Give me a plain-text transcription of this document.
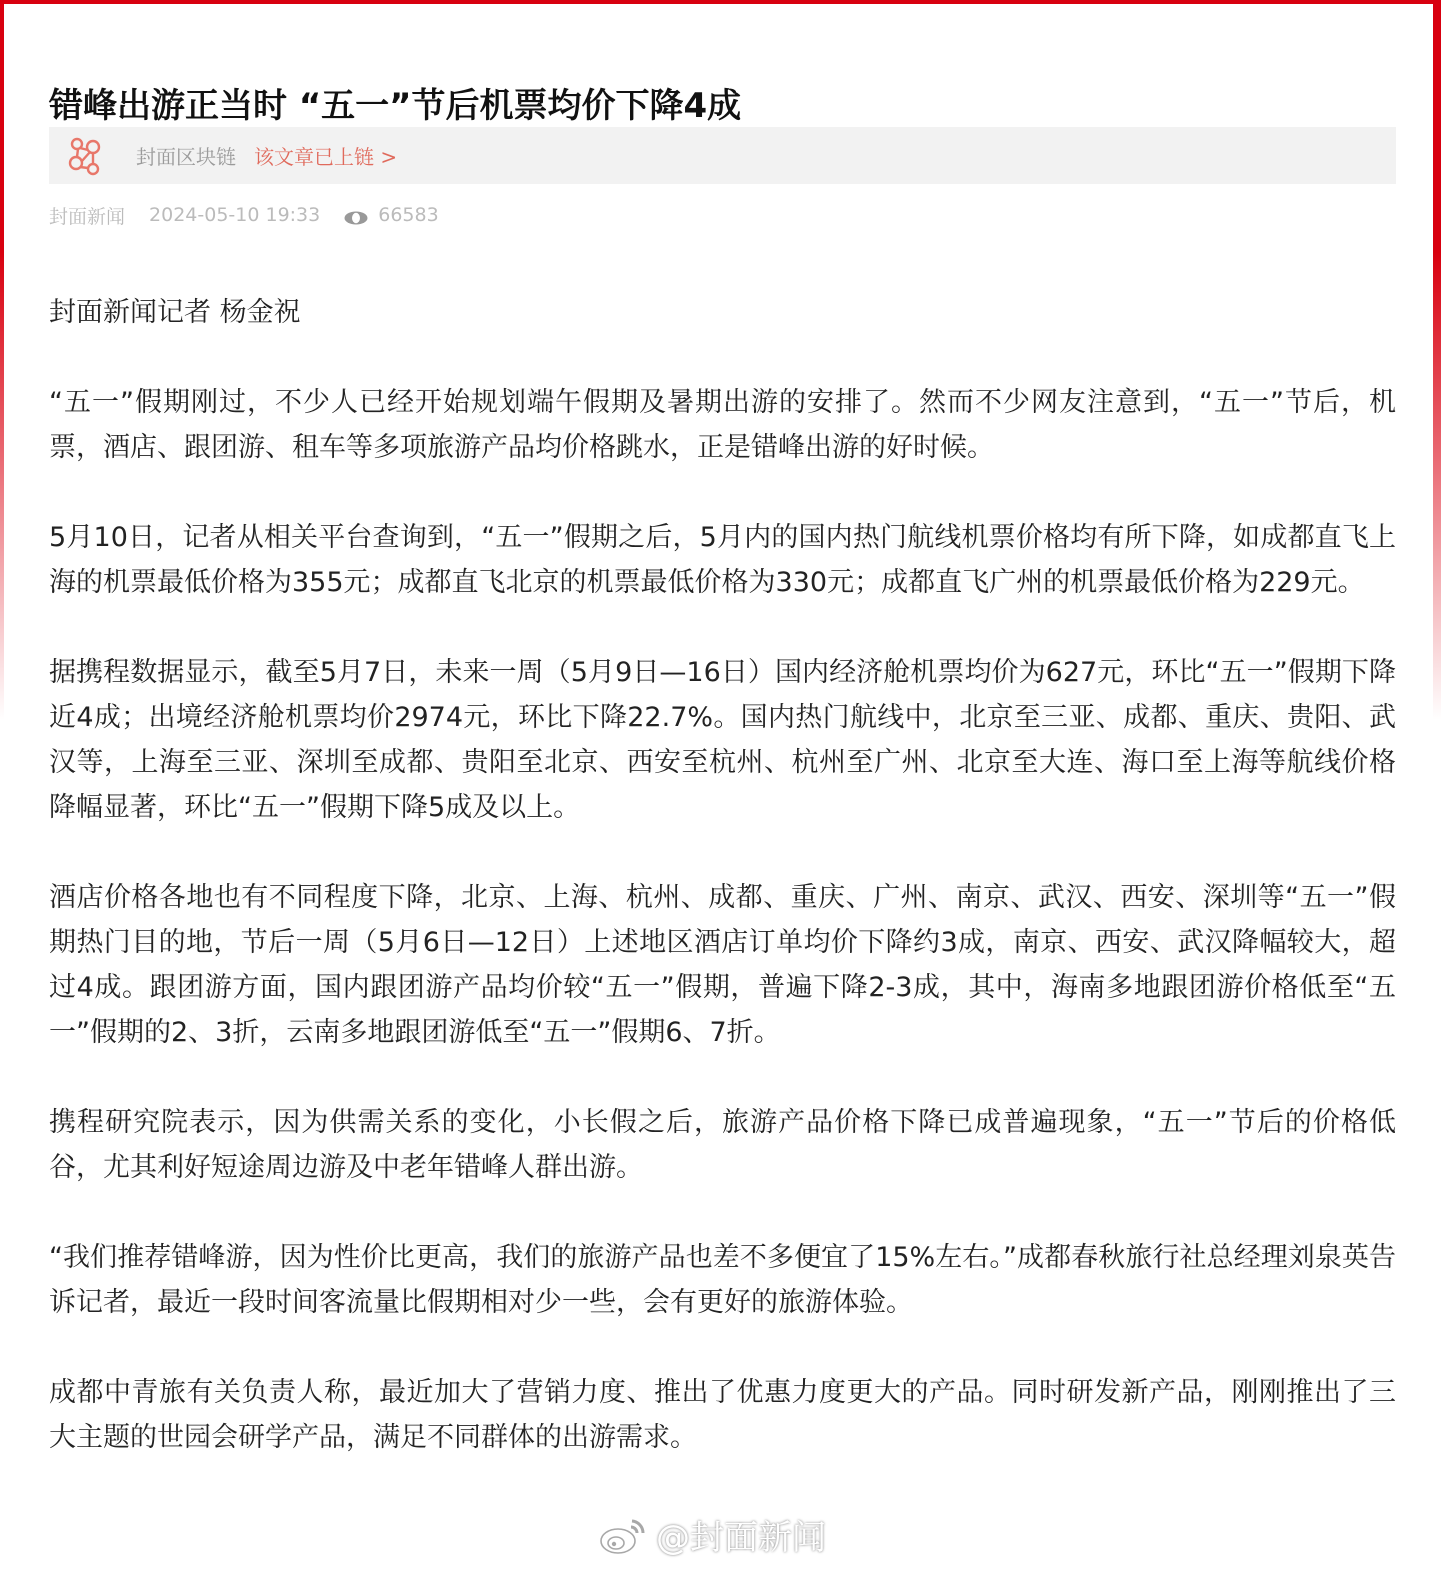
错峰出游正当时 “五一”节后机票均价下降4成
封面区块链 该文章已上链 >
封面新闻 2024-05-10 19:33	66583

封面新闻记者 杨金祝

“五一”假期刚过，不少人已经开始规划端午假期及暑期出游的安排了。然而不少网友注意到，“五一”节后，机票，酒店、跟团游、租车等多项旅游产品均价格跳水，正是错峰出游的好时候。

5月10日，记者从相关平台查询到，“五一”假期之后，5月内的国内热门航线机票价格均有所下降，如成都直飞上海的机票最低价格为355元；成都直飞北京的机票最低价格为330元；成都直飞广州的机票最低价格为229元。

据携程数据显示，截至5月7日，未来一周（5月9日—16日）国内经济舱机票均价为627元，环比“五一”假期下降近4成；出境经济舱机票均价2974元，环比下降22.7%。国内热门航线中，北京至三亚、成都、重庆、贵阳、武汉等，上海至三亚、深圳至成都、贵阳至北京、西安至杭州、杭州至广州、北京至大连、海口至上海等航线价格降幅显著，环比“五一”假期下降5成及以上。

酒店价格各地也有不同程度下降，北京、上海、杭州、成都、重庆、广州、南京、武汉、西安、深圳等“五一”假期热门目的地，节后一周（5月6日—12日）上述地区酒店订单均价下降约3成，南京、西安、武汉降幅较大，超过4成。跟团游方面，国内跟团游产品均价较“五一”假期，普遍下降2-3成，其中，海南多地跟团游价格低至“五一”假期的2、3折，云南多地跟团游低至“五一”假期6、7折。

携程研究院表示，因为供需关系的变化，小长假之后，旅游产品价格下降已成普遍现象，“五一”节后的价格低谷，尤其利好短途周边游及中老年错峰人群出游。

“我们推荐错峰游，因为性价比更高，我们的旅游产品也差不多便宜了15%左右。”成都春秋旅行社总经理刘泉英告诉记者，最近一段时间客流量比假期相对少一些，会有更好的旅游体验。

成都中青旅有关负责人称，最近加大了营销力度、推出了优惠力度更大的产品。同时研发新产品，刚刚推出了三大主题的世园会研学产品，满足不同群体的出游需求。

@封面新闻
